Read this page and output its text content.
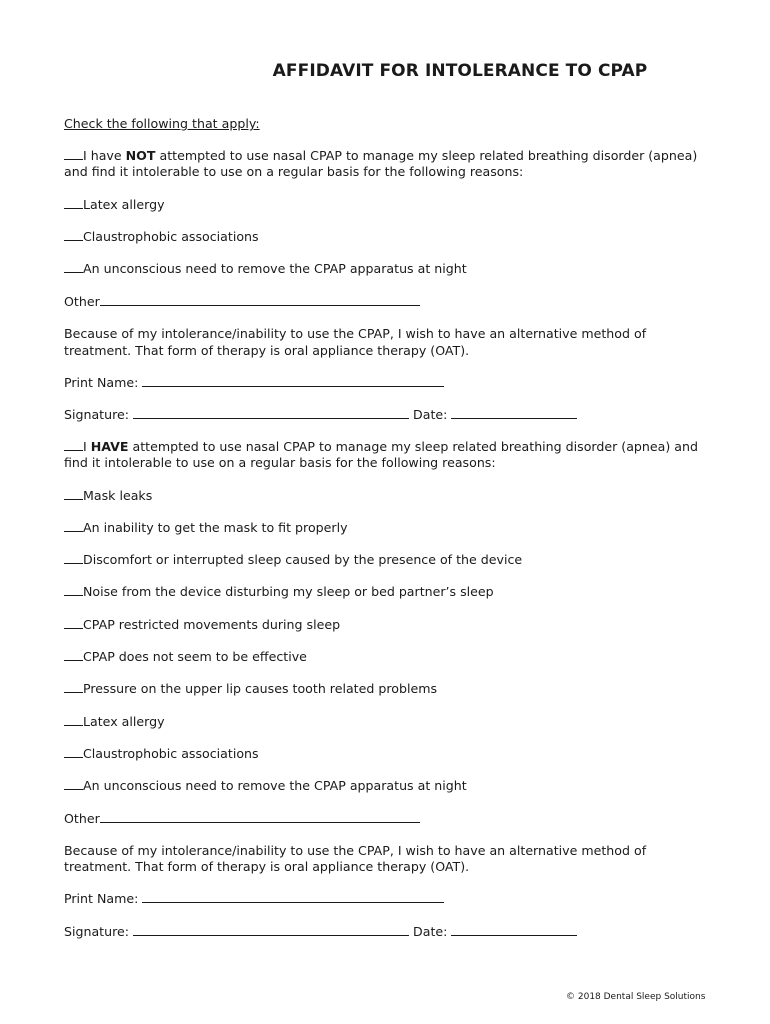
AFFIDAVIT FOR INTOLERANCE TO CPAP
Check the following that apply:
I have NOT attempted to use nasal CPAP to manage my sleep related breathing disorder (apnea)
and find it intolerable to use on a regular basis for the following reasons:
Latex allergy
Claustrophobic associations
An unconscious need to remove the CPAP apparatus at night
Other
Because of my intolerance/inability to use the CPAP, I wish to have an alternative method of
treatment. That form of therapy is oral appliance therapy (OAT).
Print Name:
Signature:	Date:
I HAVE attempted to use nasal CPAP to manage my sleep related breathing disorder (apnea) and
find it intolerable to use on a regular basis for the following reasons:
Mask leaks
An inability to get the mask to fit properly
Discomfort or interrupted sleep caused by the presence of the device
Noise from the device disturbing my sleep or bed partner’s sleep
CPAP restricted movements during sleep
CPAP does not seem to be effective
Pressure on the upper lip causes tooth related problems
Latex allergy
Claustrophobic associations
An unconscious need to remove the CPAP apparatus at night
Other
Because of my intolerance/inability to use the CPAP, I wish to have an alternative method of
treatment. That form of therapy is oral appliance therapy (OAT).
Print Name:
Signature:	Date:
© 2018 Dental Sleep Solutions
